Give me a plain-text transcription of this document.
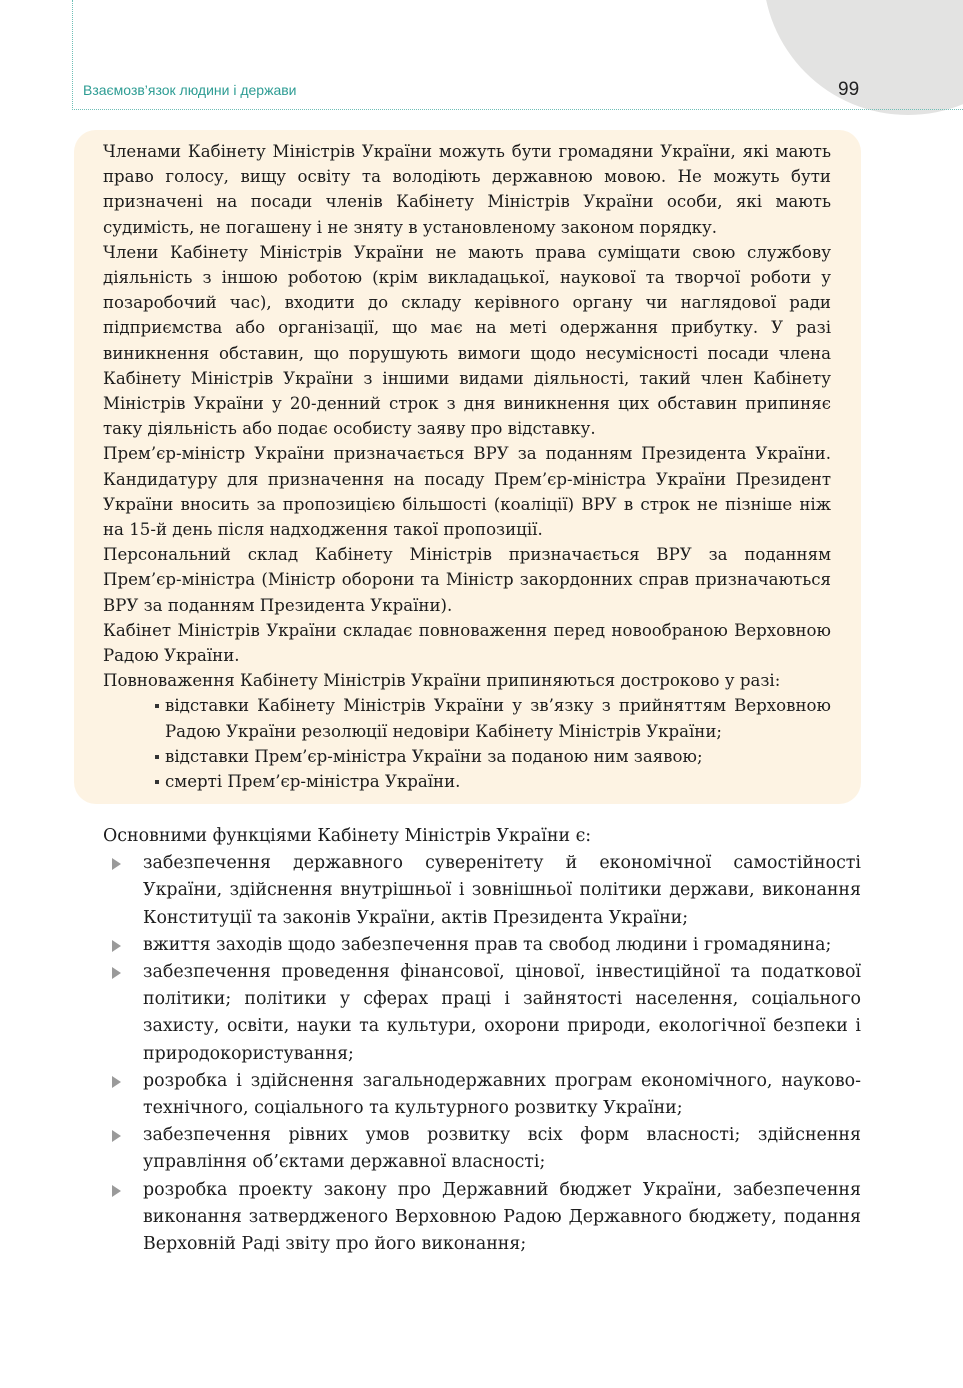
Взаємозв’язок людини і держави	99

Членами Кабінету Міністрів України можуть бути громадяни України, які мають право голосу, вищу освіту та володіють державною мовою. Не можуть бути призначені на посади членів Кабінету Міністрів України особи, які мають судимість, не погашену і не зняту в установленому законом порядку.

Члени Кабінету Міністрів України не мають права суміщати свою службову діяльність з іншою роботою (крім викладацької, наукової та творчої роботи у позаробочий час), входити до складу керівного органу чи наглядової ради підприємства або організації, що має на меті одержання прибутку. У разі виникнення обставин, що порушують вимоги щодо несумісності посади члена Кабінету Міністрів України з іншими видами діяльності, такий член Кабінету Міністрів України у 20-денний строк з дня виникнення цих обставин припиняє таку діяльність або подає особисту заяву про відставку.

Прем’єр-міністр України призначається ВРУ за поданням Президента України. Кандидатуру для призначення на посаду Прем’єр-міністра України Президент України вносить за пропозицією більшості (коаліції) ВРУ в строк не пізніше ніж на 15-й день після надходження такої пропозиції.

Персональний склад Кабінету Міністрів призначається ВРУ за поданням Прем’єр-міністра (Міністр оборони та Міністр закордонних справ призначаються ВРУ за поданням Президента України).

Кабінет Міністрів України складає повноваження перед новообраною Верховною Радою України.

Повноваження Кабінету Міністрів України припиняються достроково у разі:

відставки Кабінету Міністрів України у зв’язку з прийняттям Верховною Радою України резолюції недовіри Кабінету Міністрів України;
відставки Прем’єр-міністра України за поданою ним заявою;
смерті Прем’єр-міністра України.

Основними функціями Кабінету Міністрів України є:

забезпечення державного суверенітету й економічної самостійності України, здійснення внутрішньої і зовнішньої політики держави, виконання Конституції та законів України, актів Президента України;
вжиття заходів щодо забезпечення прав та свобод людини і громадянина;
забезпечення проведення фінансової, цінової, інвестиційної та податкової політики; політики у сферах праці і зайнятості населення, соціального захисту, освіти, науки та культури, охорони природи, екологічної безпеки і природокористування;
розробка і здійснення загальнодержавних програм економічного, науково-технічного, соціального та культурного розвитку України;
забезпечення рівних умов розвитку всіх форм власності; здійснення управління об’єктами державної власності;
розробка проекту закону про Державний бюджет України, забезпечення виконання затвердженого Верховною Радою Державного бюджету, подання Верховній Раді звіту про його виконання;
